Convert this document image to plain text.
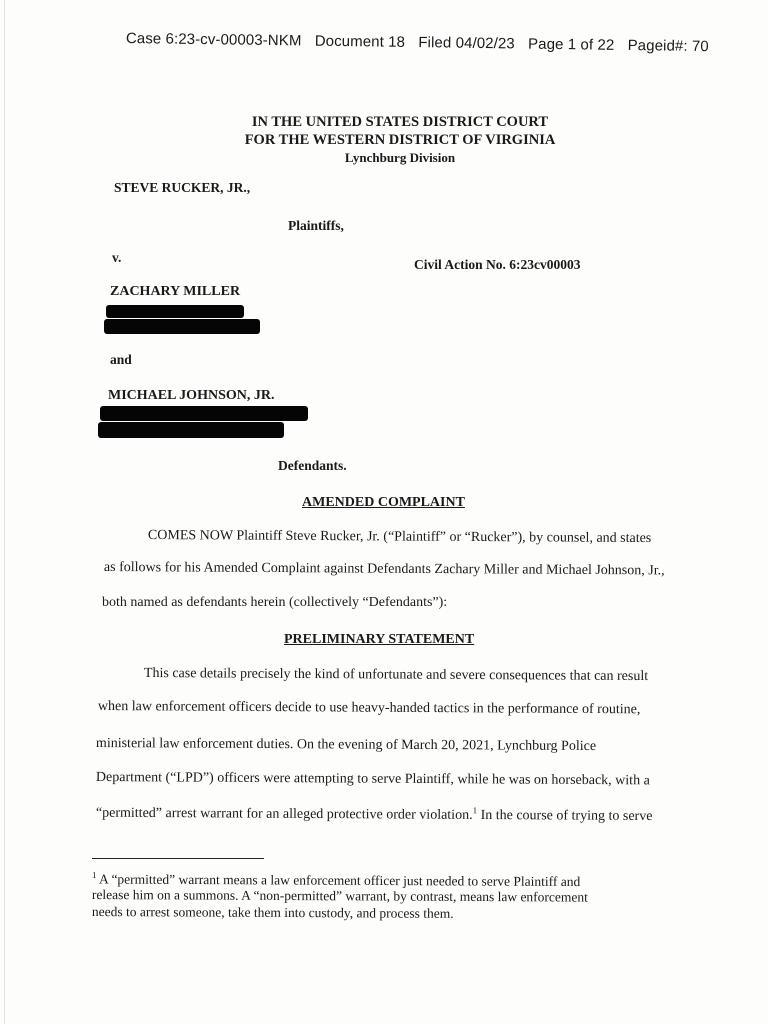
Case 6:23-cv-00003-NKM Document 18 Filed 04/02/23 Page 1 of 22 Pageid#: 70
IN THE UNITED STATES DISTRICT COURT
FOR THE WESTERN DISTRICT OF VIRGINIA
Lynchburg Division
STEVE RUCKER, JR.,
Plaintiffs,
v.	Civil Action No. 6:23cv00003
ZACHARY MILLER
and
MICHAEL JOHNSON, JR.
Defendants.
AMENDED COMPLAINT
COMES NOW Plaintiff Steve Rucker, Jr. (“Plaintiff” or “Rucker”), by counsel, and states
as follows for his Amended Complaint against Defendants Zachary Miller and Michael Johnson, Jr.,
both named as defendants herein (collectively “Defendants”):
PRELIMINARY STATEMENT
This case details precisely the kind of unfortunate and severe consequences that can result
when law enforcement officers decide to use heavy-handed tactics in the performance of routine,
ministerial law enforcement duties. On the evening of March 20, 2021, Lynchburg Police
Department (“LPD”) officers were attempting to serve Plaintiff, while he was on horseback, with a
“permitted” arrest warrant for an alleged protective order violation.$^1$ In the course of trying to serve
$^1$ A “permitted” warrant means a law enforcement officer just needed to serve Plaintiff and
release him on a summons. A “non-permitted” warrant, by contrast, means law enforcement
needs to arrest someone, take them into custody, and process them.
